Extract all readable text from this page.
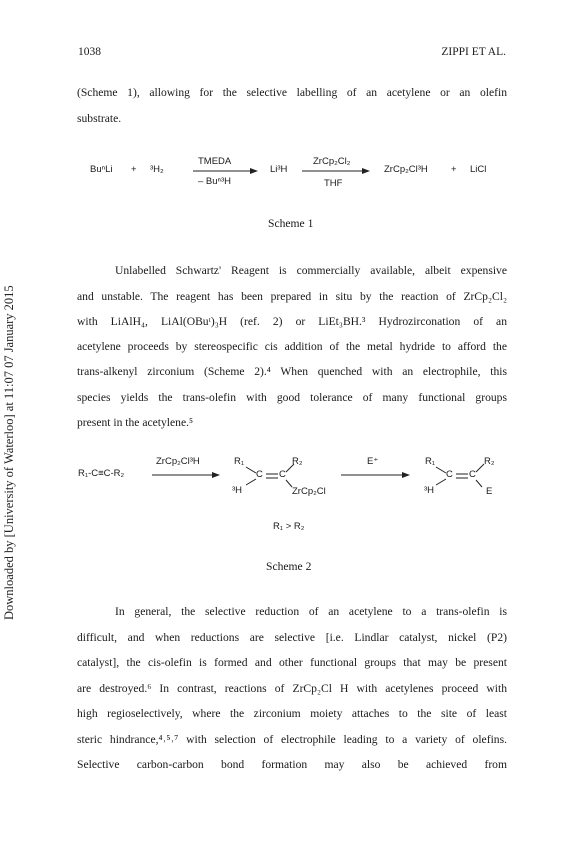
Downloaded by [University of Waterloo] at 11:07 07 January 2015
1038	ZIPPI ET AL.
(Scheme 1), allowing for the selective labelling of an acetylene or an olefin
substrate.
BuⁿLi + ³H₂
TMEDA
– Buⁿ³H
Li³H
ZrCp₂Cl₂
THF
ZrCp₂Cl³H + LiCl
Scheme 1
Unlabelled Schwartz' Reagent is commercially available, albeit expensive
and unstable. The reagent has been prepared in situ by the reaction of ZrCp₂Cl₂
with LiAlH₄, LiAl(OBuᵗ)₃H (ref. 2) or LiEt₃BH.³ Hydrozirconation of an
acetylene proceeds by stereospecific cis addition of the metal hydride to afford the
trans-alkenyl zirconium (Scheme 2).⁴ When quenched with an electrophile, this
species yields the trans-olefin with good tolerance of many functional groups
present in the acetylene.⁵
R₁-C≡C-R₂
ZrCp₂Cl³H	R₁
C C
R₂
³H	ZrCp₂Cl
E⁺	R₁
C C
R₂
³H	E
R₁ > R₂
Scheme 2
In general, the selective reduction of an acetylene to a trans-olefin is
difficult, and when reductions are selective [i.e. Lindlar catalyst, nickel (P2)
catalyst], the cis-olefin is formed and other functional groups that may be present
are destroyed.⁶ In contrast, reactions of ZrCp₂Cl H with acetylenes proceed with
high regioselectively, where the zirconium moiety attaches to the site of least
steric hindrance,⁴˒⁵˒⁷ with selection of electrophile leading to a variety of olefins.
Selective carbon-carbon bond formation may also be achieved from
